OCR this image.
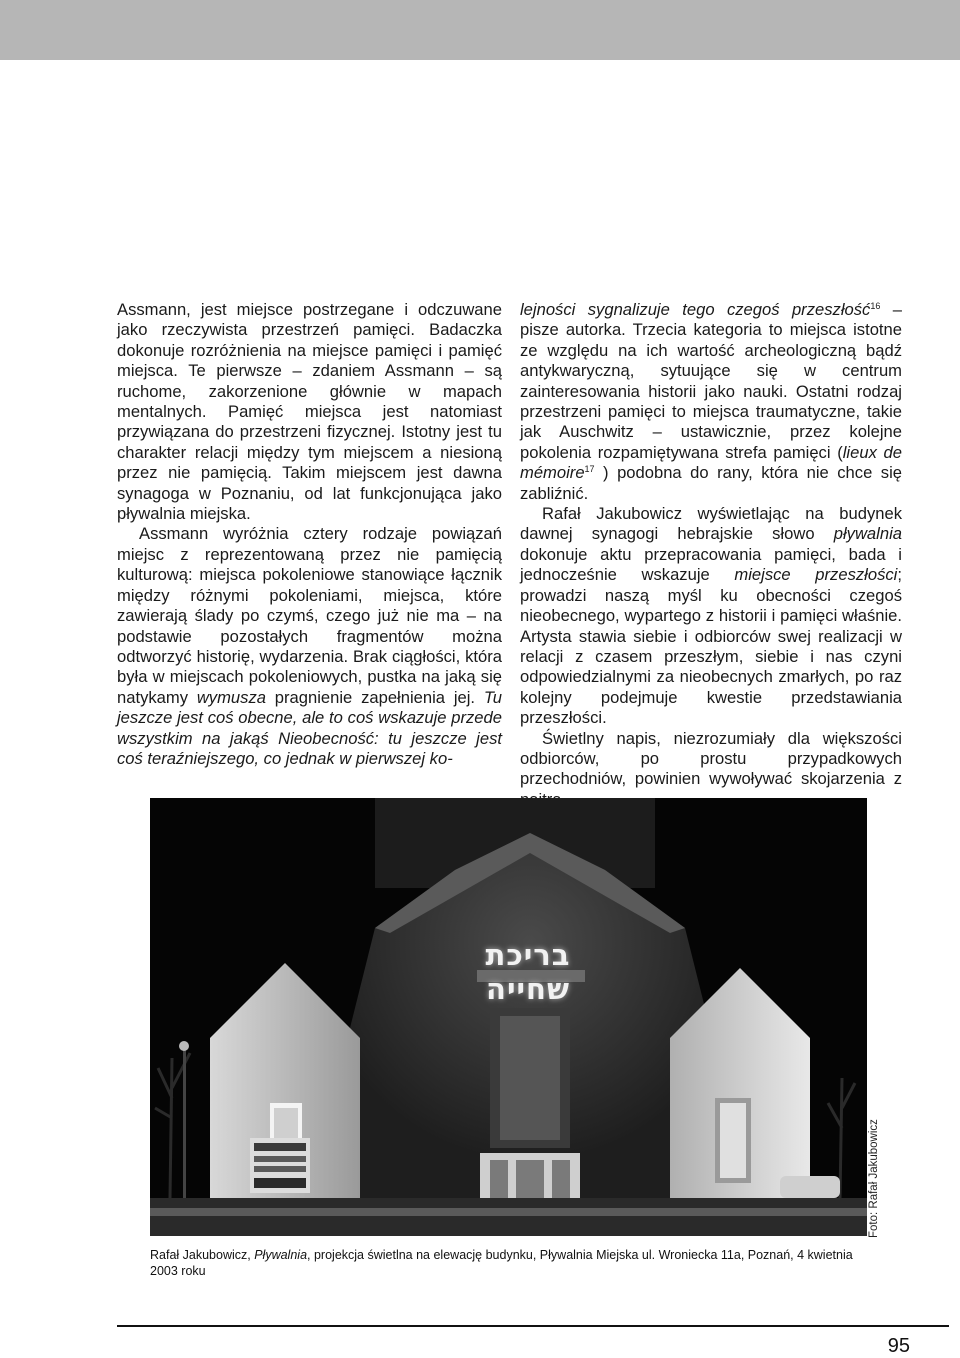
Assmann, jest miejsce postrzegane i odczuwane jako rzeczywista przestrzeń pamięci. Badaczka dokonuje rozróżnienia na miejsce pamięci i pamięć miejsca. Te pierwsze – zdaniem Assmann – są ruchome, zakorzenione głównie w mapach mentalnych. Pamięć miejsca jest natomiast przywiązana do przestrzeni fizycznej. Istotny jest tu charakter relacji między tym miejscem a niesioną przez nie pamięcią. Takim miejscem jest dawna synagoga w Poznaniu, od lat funkcjonująca jako pływalnia miejska.

Assmann wyróżnia cztery rodzaje powiązań miejsc z reprezentowaną przez nie pamięcią kulturową: miejsca pokoleniowe stanowiące łącznik między różnymi pokoleniami, miejsca, które zawierają ślady po czymś, czego już nie ma – na podstawie pozostałych fragmentów można odtworzyć historię, wydarzenia. Brak ciągłości, która była w miejscach pokoleniowych, pustka na jaką się natykamy wymusza pragnienie zapełnienia jej. Tu jeszcze jest coś obecne, ale to coś wskazuje przede wszystkim na jakąś Nieobecność: tu jeszcze jest coś teraźniejszego, co jednak w pierwszej ko-

lejności sygnalizuje tego czegoś przeszłość$^{16}$ – pisze autorka. Trzecia kategoria to miejsca istotne ze względu na ich wartość archeologiczną bądź antykwaryczną, sytuujące się w centrum zainteresowania historii jako nauki. Ostatni rodzaj przestrzeni pamięci to miejsca traumatyczne, takie jak Auschwitz – ustawicznie, przez kolejne pokolenia rozpamiętywana strefa pamięci (lieux de mémoire$^{17}$ ) podobna do rany, która nie chce się zabliźnić.

Rafał Jakubowicz wyświetlając na budynek dawnej synagogi hebrajskie słowo pływalnia dokonuje aktu przepracowania pamięci, bada i jednocześnie wskazuje miejsce przeszłości; prowadzi naszą myśl ku obecności czegoś nieobecnego, wypartego z historii i pamięci właśnie. Artysta stawia siebie i odbiorców swej realizacji w relacji z czasem przeszłym, siebie i nas czyni odpowiedzialnymi za nieobecnych zmarłych, po raz kolejny podejmuje kwestie przedstawiania przeszłości.

Świetlny napis, niezrozumiały dla większości odbiorców, po prostu przypadkowych przechodniów, powinien wywoływać skojarzenia z

בריכת שחייה
Foto: Rafał Jakubowicz
Rafał Jakubowicz, Pływalnia, projekcja świetlna na elewację budynku, Pływalnia Miejska ul. Wroniecka 11a, Poznań, 4 kwietnia 2003 roku
95
